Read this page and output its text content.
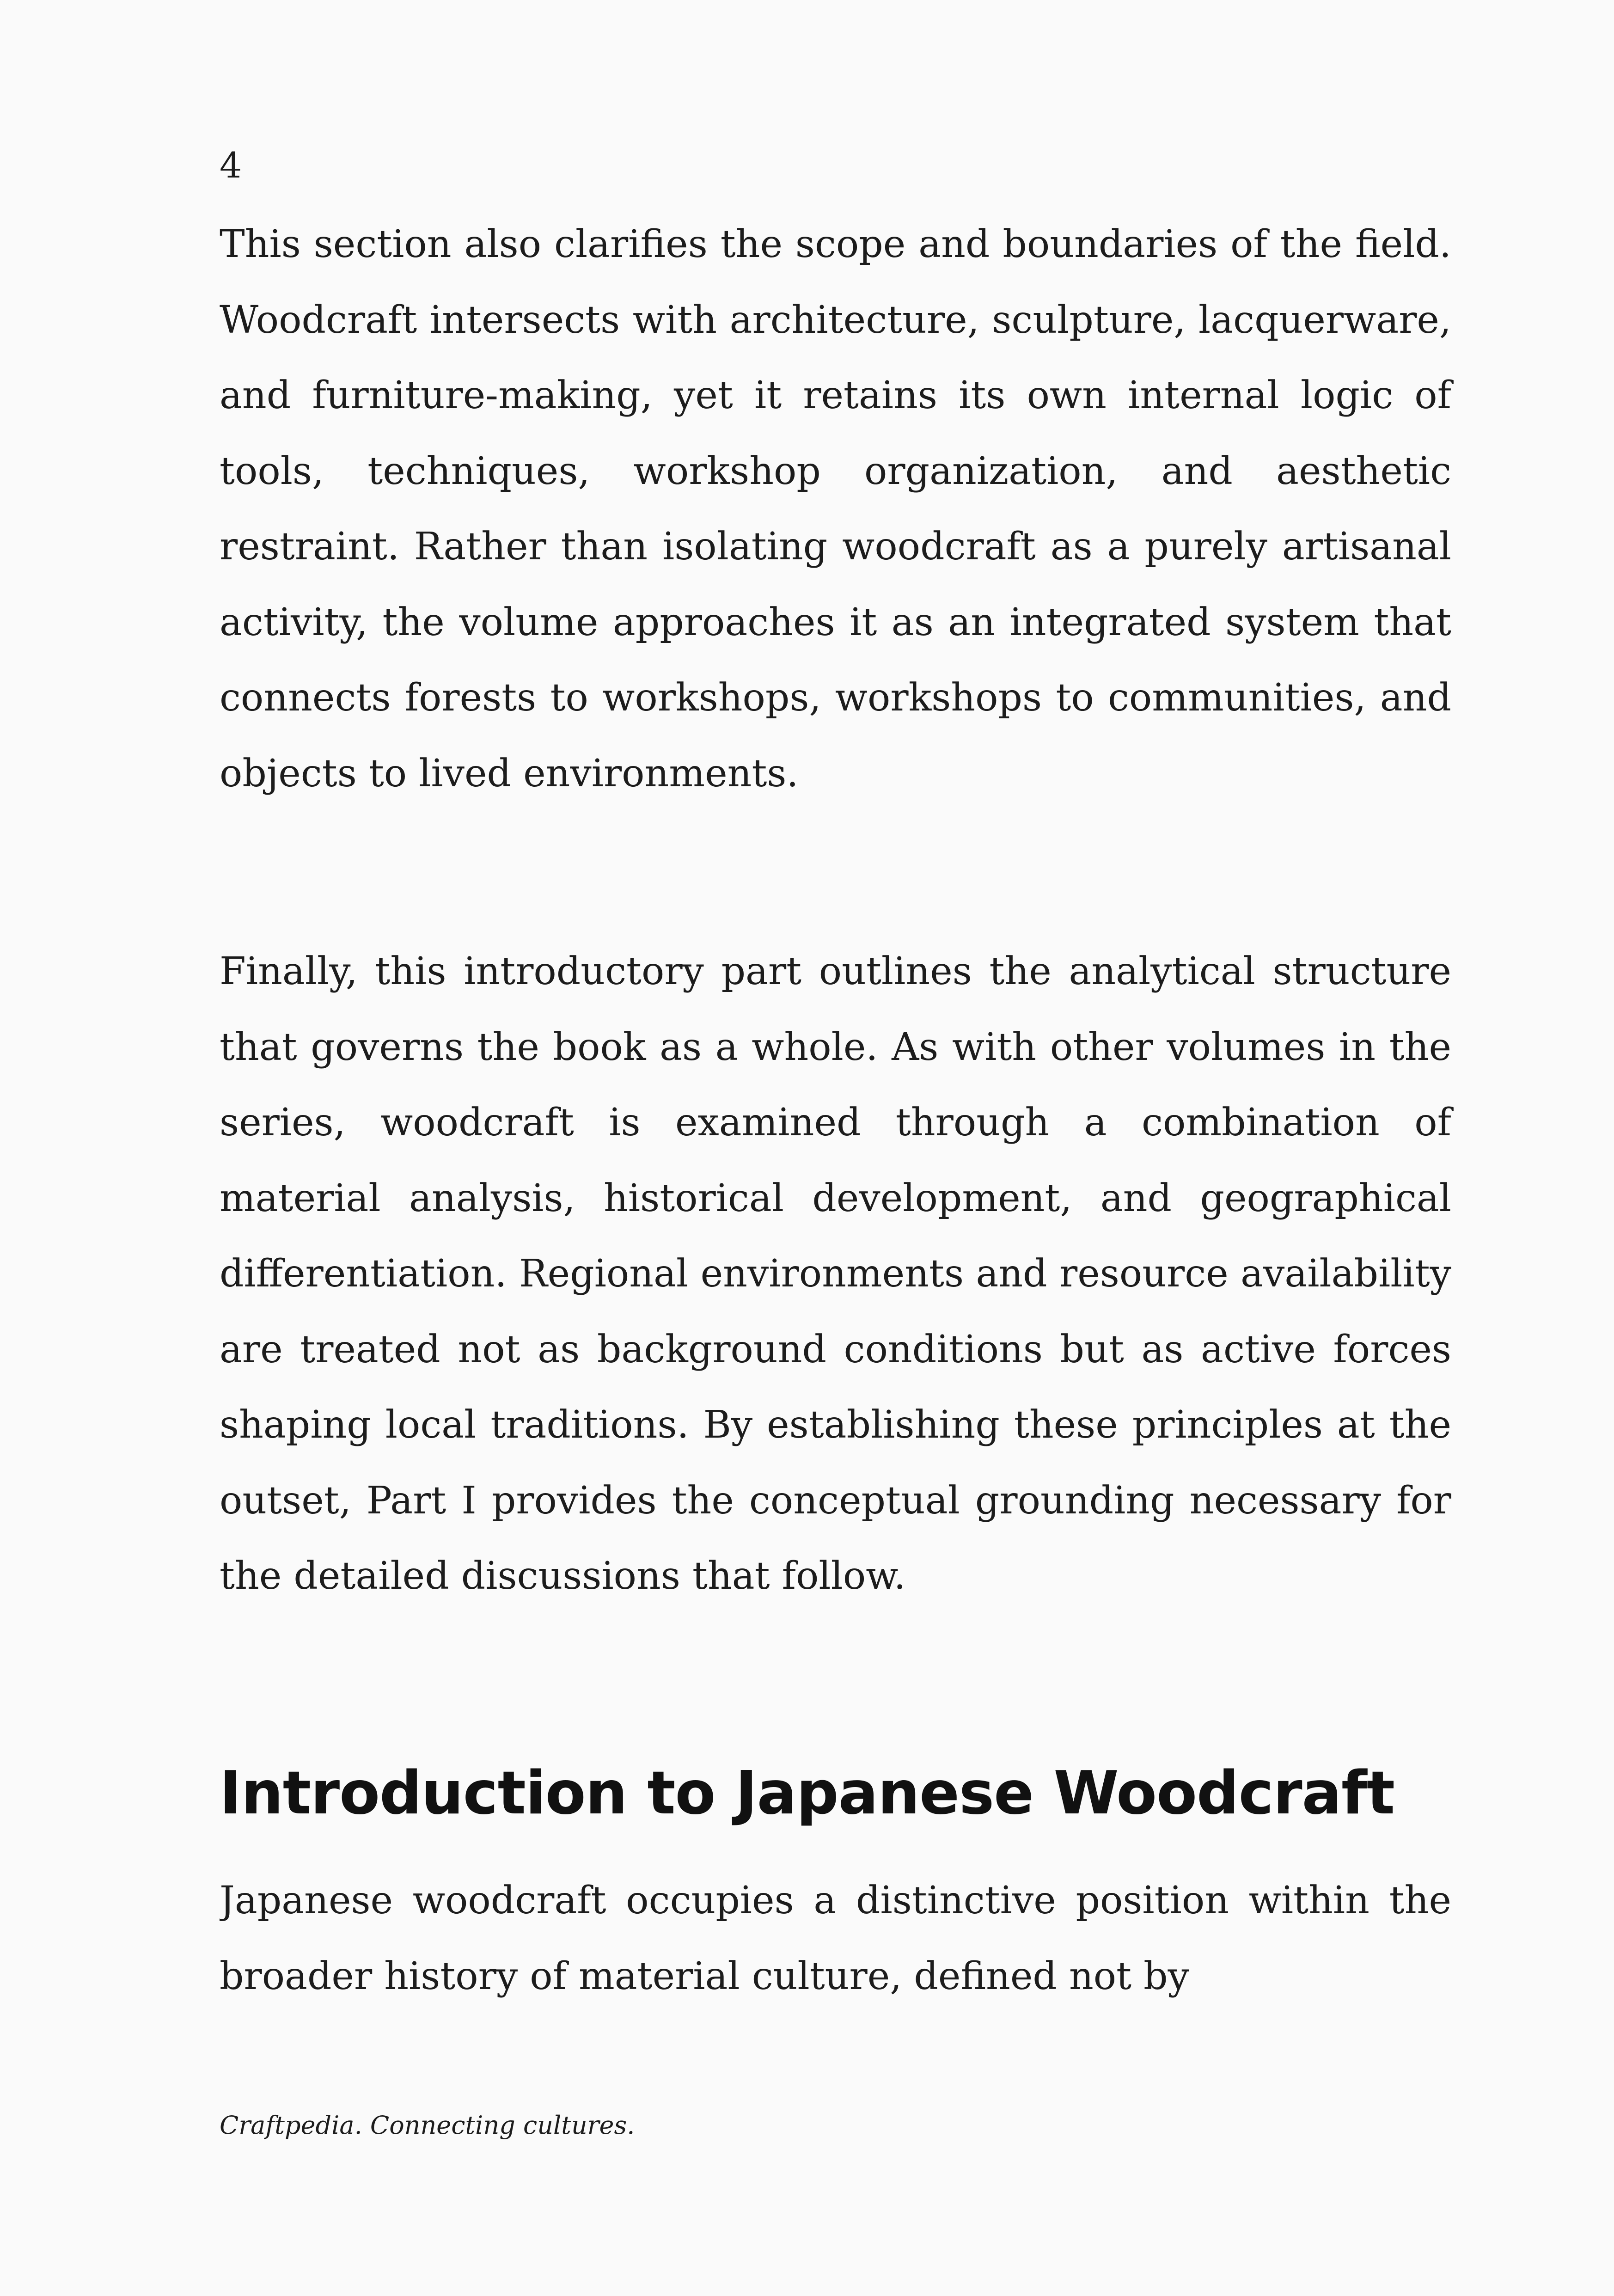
4

This section also clarifies the scope and boundaries of the field. Woodcraft intersects with architecture, sculpture, lacquerware, and furniture-making, yet it retains its own internal logic of tools, techniques, workshop organization, and aesthetic restraint. Rather than isolating woodcraft as a purely artisanal activity, the volume approaches it as an integrated system that connects forests to workshops, workshops to communities, and objects to lived environments.

Finally, this introductory part outlines the analytical structure that governs the book as a whole. As with other volumes in the series, woodcraft is examined through a combination of material analysis, historical development, and geographical differentiation. Regional environments and resource availability are treated not as background conditions but as active forces shaping local traditions. By establishing these principles at the outset, Part I provides the conceptual grounding necessary for the detailed discussions that follow.

Introduction to Japanese Woodcraft

Japanese woodcraft occupies a distinctive position within the broader history of material culture, defined not by

Craftpedia. Connecting cultures.
